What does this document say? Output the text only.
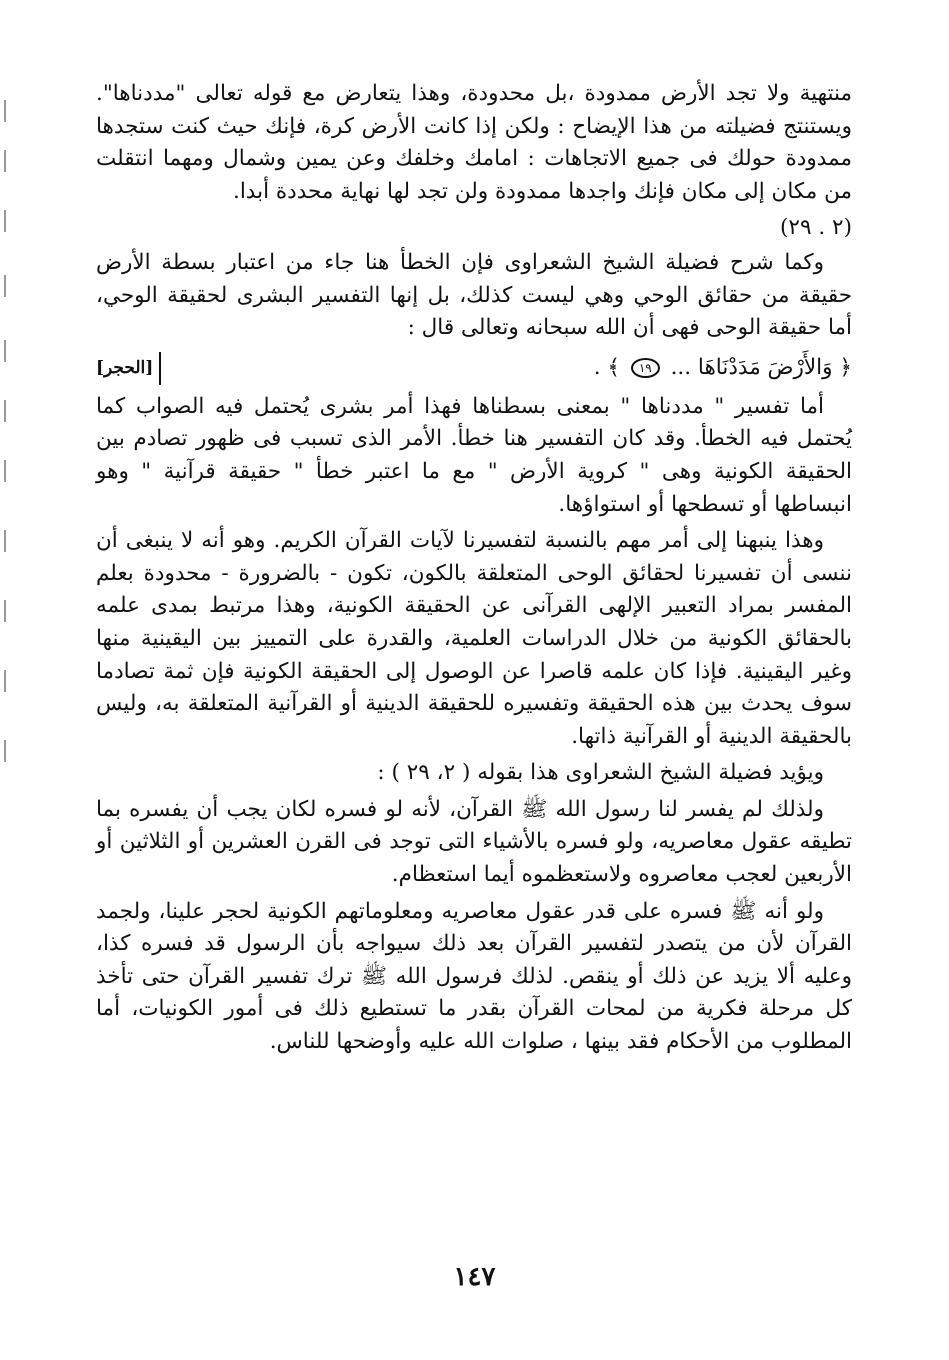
منتهية ولا تجد الأرض ممدودة ،بل محدودة، وهذا يتعارض مع قوله تعالى "مددناها". ويستنتج فضيلته من هذا الإيضاح : ولكن إذا كانت الأرض كرة، فإنك حيث كنت ستجدها ممدودة حولك فى جميع الاتجاهات : امامك وخلفك وعن يمين وشمال ومهما انتقلت من مكان إلى مكان فإنك واجدها ممدودة ولن تجد لها نهاية محددة أبدا.

(٢ . ٢٩)

وكما شرح فضيلة الشيخ الشعراوى فإن الخطأ هنا جاء من اعتبار بسطة الأرض حقيقة من حقائق الوحي وهي ليست كذلك، بل إنها التفسير البشرى لحقيقة الوحي، أما حقيقة الوحى فهى أن الله سبحانه وتعالى قال :

﴿ وَالأَرْضَ مَدَدْنَاهَا ... ١٩ ﴾ .
[الحجر]

أما تفسير " مددناها " بمعنى بسطناها فهذا أمر بشرى يُحتمل فيه الصواب كما يُحتمل فيه الخطأ. وقد كان التفسير هنا خطأ. الأمر الذى تسبب فى ظهور تصادم بين الحقيقة الكونية وهى " كروية الأرض " مع ما اعتبر خطأ " حقيقة قرآنية " وهو انبساطها أو تسطحها أو استواؤها.

وهذا ينبهنا إلى أمر مهم بالنسبة لتفسيرنا لآيات القرآن الكريم. وهو أنه لا ينبغى أن ننسى أن تفسيرنا لحقائق الوحى المتعلقة بالكون، تكون - بالضرورة - محدودة بعلم المفسر بمراد التعبير الإلهى القرآنى عن الحقيقة الكونية، وهذا مرتبط بمدى علمه بالحقائق الكونية من خلال الدراسات العلمية، والقدرة على التمييز بين اليقينية منها وغير اليقينية. فإذا كان علمه قاصرا عن الوصول إلى الحقيقة الكونية فإن ثمة تصادما سوف يحدث بين هذه الحقيقة وتفسيره للحقيقة الدينية أو القرآنية المتعلقة به، وليس بالحقيقة الدينية أو القرآنية ذاتها.

ويؤيد فضيلة الشيخ الشعراوى هذا بقوله ( ٢، ٢٩ ) :

ولذلك لم يفسر لنا رسول الله ﷺ القرآن، لأنه لو فسره لكان يجب أن يفسره بما تطيقه عقول معاصريه، ولو فسره بالأشياء التى توجد فى القرن العشرين أو الثلاثين أو الأربعين لعجب معاصروه ولاستعظموه أيما استعظام.

ولو أنه ﷺ فسره على قدر عقول معاصريه ومعلوماتهم الكونية لحجر علينا، ولجمد القرآن لأن من يتصدر لتفسير القرآن بعد ذلك سيواجه بأن الرسول قد فسره كذا، وعليه ألا يزيد عن ذلك أو ينقص. لذلك فرسول الله ﷺ ترك تفسير القرآن حتى تأخذ كل مرحلة فكرية من لمحات القرآن بقدر ما تستطيع ذلك فى أمور الكونيات، أما المطلوب من الأحكام فقد بينها ، صلوات الله عليه وأوضحها للناس.

١٤٧
